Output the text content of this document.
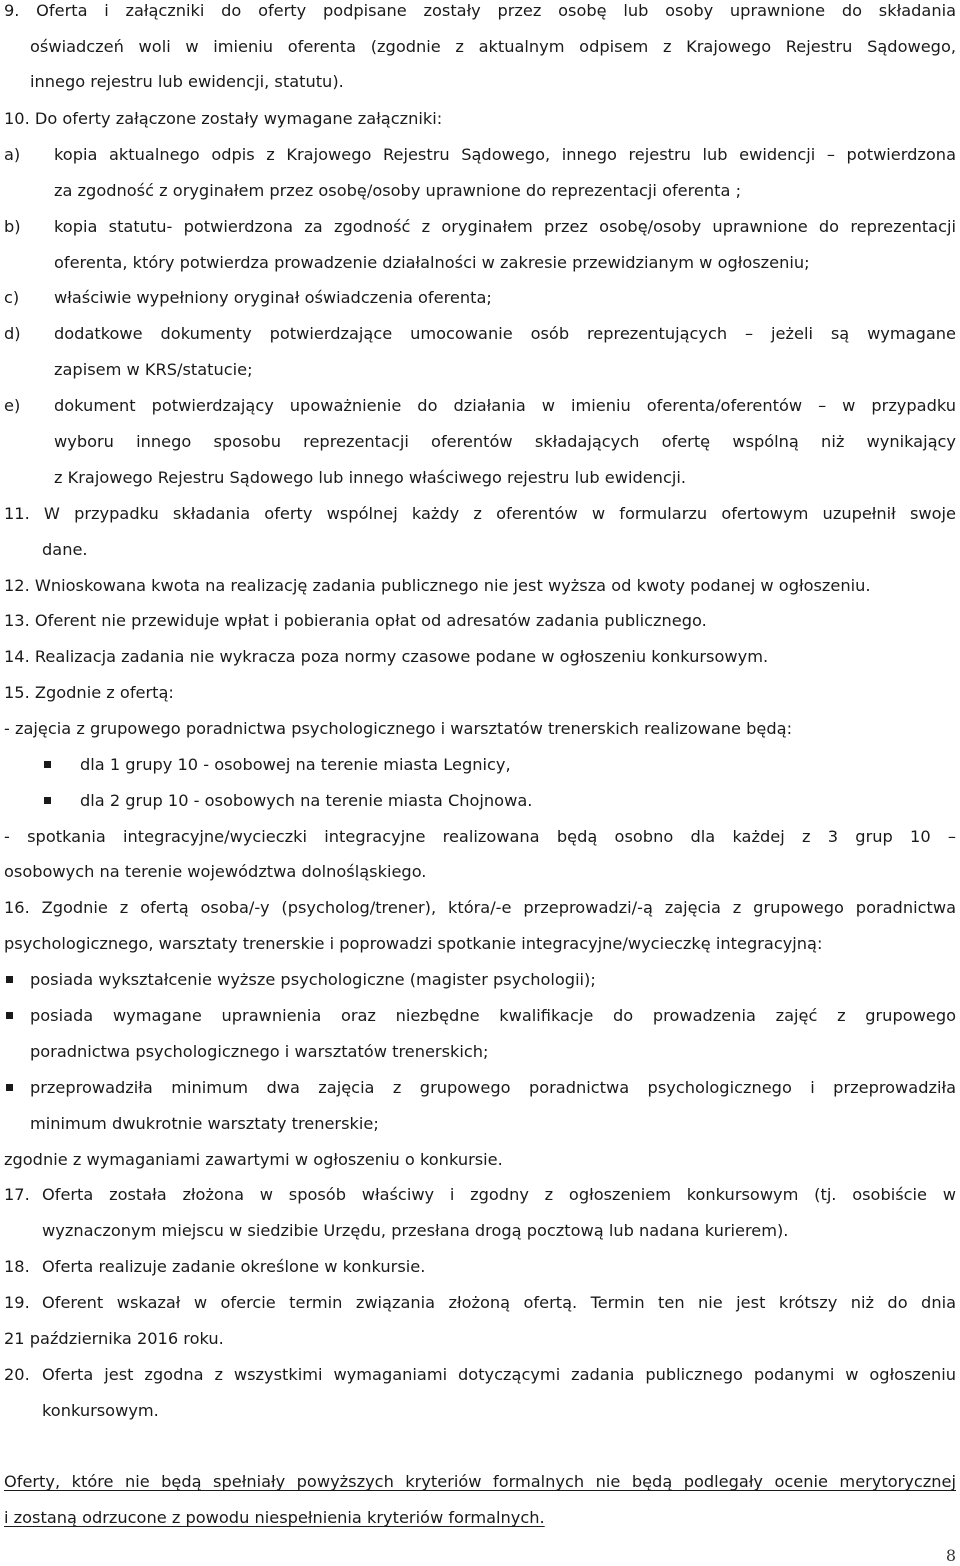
9. Oferta i załączniki do oferty podpisane zostały przez osobę lub osoby uprawnione do składania
oświadczeń woli w imieniu oferenta (zgodnie z aktualnym odpisem z Krajowego Rejestru Sądowego,
innego rejestru lub ewidencji, statutu).
10. Do oferty załączone zostały wymagane załączniki:
a) kopia aktualnego odpis z Krajowego Rejestru Sądowego, innego rejestru lub ewidencji – potwierdzona
za zgodność z oryginałem przez osobę/osoby uprawnione do reprezentacji oferenta ;
b) kopia statutu- potwierdzona za zgodność z oryginałem przez osobę/osoby uprawnione do reprezentacji
oferenta, który potwierdza prowadzenie działalności w zakresie przewidzianym w ogłoszeniu;
c) właściwie wypełniony oryginał oświadczenia oferenta;
d) dodatkowe dokumenty potwierdzające umocowanie osób reprezentujących – jeżeli są wymagane
zapisem w KRS/statucie;
e) dokument potwierdzający upoważnienie do działania w imieniu oferenta/oferentów – w przypadku
wyboru innego sposobu reprezentacji oferentów składających ofertę wspólną niż wynikający
z Krajowego Rejestru Sądowego lub innego właściwego rejestru lub ewidencji.
11. W przypadku składania oferty wspólnej każdy z oferentów w formularzu ofertowym uzupełnił swoje
dane.
12. Wnioskowana kwota na realizację zadania publicznego nie jest wyższa od kwoty podanej w ogłoszeniu.
13. Oferent nie przewiduje wpłat i pobierania opłat od adresatów zadania publicznego.
14. Realizacja zadania nie wykracza poza normy czasowe podane w ogłoszeniu konkursowym.
15. Zgodnie z ofertą:
- zajęcia z grupowego poradnictwa psychologicznego i warsztatów trenerskich realizowane będą:
dla 1 grupy 10 - osobowej na terenie miasta Legnicy,
dla 2 grup 10 - osobowych na terenie miasta Chojnowa.
- spotkania integracyjne/wycieczki integracyjne realizowana będą osobno dla każdej z 3 grup 10 –
osobowych na terenie województwa dolnośląskiego.
16. Zgodnie z ofertą osoba/-y (psycholog/trener), która/-e przeprowadzi/-ą zajęcia z grupowego poradnictwa
psychologicznego, warsztaty trenerskie i poprowadzi spotkanie integracyjne/wycieczkę integracyjną:
posiada wykształcenie wyższe psychologiczne (magister psychologii);
posiada wymagane uprawnienia oraz niezbędne kwalifikacje do prowadzenia zajęć z grupowego
poradnictwa psychologicznego i warsztatów trenerskich;
przeprowadziła minimum dwa zajęcia z grupowego poradnictwa psychologicznego i przeprowadziła
minimum dwukrotnie warsztaty trenerskie;
zgodnie z wymaganiami zawartymi w ogłoszeniu o konkursie.
17. Oferta została złożona w sposób właściwy i zgodny z ogłoszeniem konkursowym (tj. osobiście w
wyznaczonym miejscu w siedzibie Urzędu, przesłana drogą pocztową lub nadana kurierem).
18. Oferta realizuje zadanie określone w konkursie.
19. Oferent wskazał w ofercie termin związania złożoną ofertą. Termin ten nie jest krótszy niż do dnia
21 października 2016 roku.
20. Oferta jest zgodna z wszystkimi wymaganiami dotyczącymi zadania publicznego podanymi w ogłoszeniu
konkursowym.
Oferty, które nie będą spełniały powyższych kryteriów formalnych nie będą podlegały ocenie merytorycznej
i zostaną odrzucone z powodu niespełnienia kryteriów formalnych.
8
